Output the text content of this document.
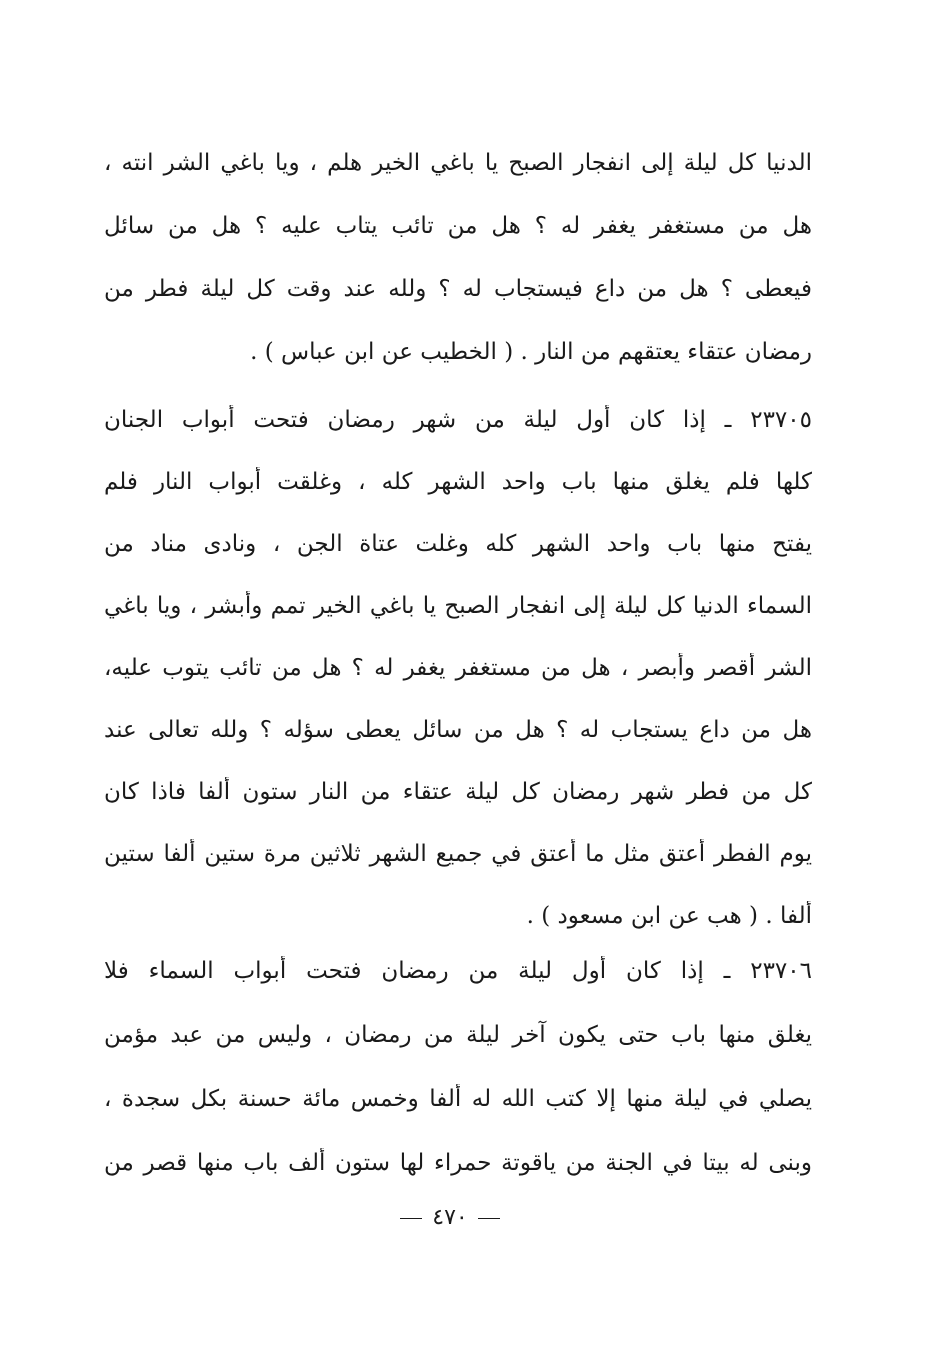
الدنيا كل ليلة إلى انفجار الصبح يا باغي الخير هلم ، ويا باغي الشر انته ،
هل من مستغفر يغفر له ؟ هل من تائب يتاب عليه ؟ هل من سائل
فيعطى ؟ هل من داع فيستجاب له ؟ ولله عند وقت كل ليلة فطر من
رمضان عتقاء يعتقهم من النار . ( الخطيب عن ابن عباس ) .
٢٣٧٠٥ ـ إذا كان أول ليلة من شهر رمضان فتحت أبواب الجنان
كلها فلم يغلق منها باب واحد الشهر كله ، وغلقت أبواب النار فلم
يفتح منها باب واحد الشهر كله وغلت عتاة الجن ، ونادى مناد من
السماء الدنيا كل ليلة إلى انفجار الصبح يا باغي الخير تمم وأبشر ، ويا باغي
الشر أقصر وأبصر ، هل من مستغفر يغفر له ؟ هل من تائب يتوب عليه،
هل من داع يستجاب له ؟ هل من سائل يعطى سؤله ؟ ولله تعالى عند
كل من فطر شهر رمضان كل ليلة عتقاء من النار ستون ألفا فاذا كان
يوم الفطر أعتق مثل ما أعتق في جميع الشهر ثلاثين مرة ستين ألفا ستين
ألفا . ( هب عن ابن مسعود ) .
٢٣٧٠٦ ـ إذا كان أول ليلة من رمضان فتحت أبواب السماء فلا
يغلق منها باب حتى يكون آخر ليلة من رمضان ، وليس من عبد مؤمن
يصلي في ليلة منها إلا كتب الله له ألفا وخمس مائة حسنة بكل سجدة ،
وبنى له بيتا في الجنة من ياقوتة حمراء لها ستون ألف باب منها قصر من
٤٧٠
